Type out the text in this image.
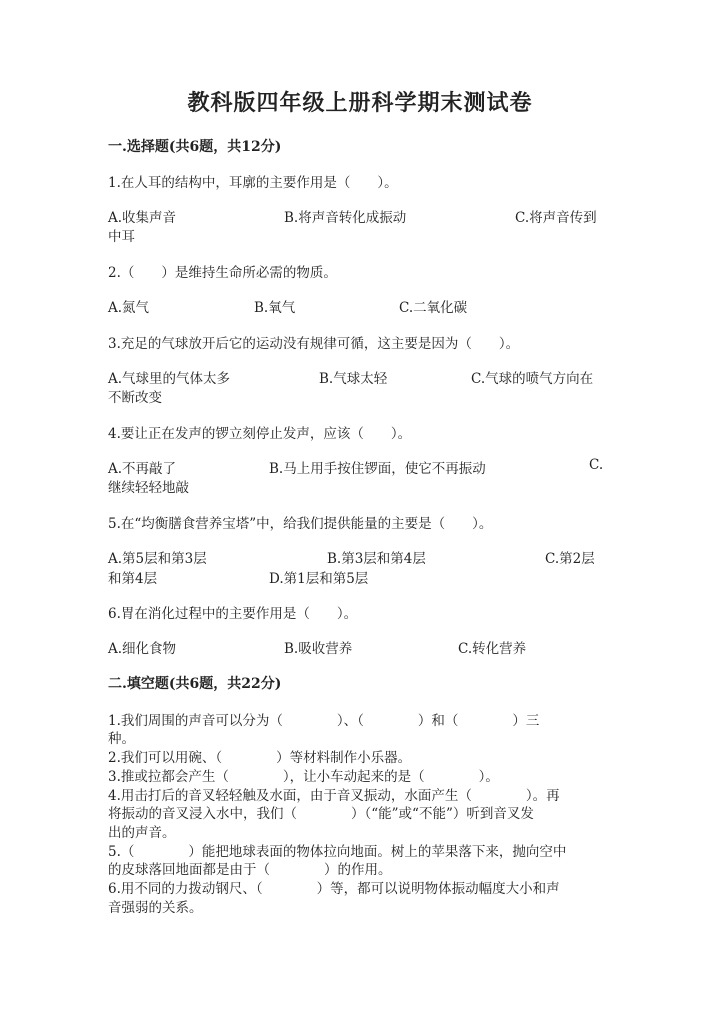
教科版四年级上册科学期末测试卷
一.选择题(共6题，共12分)
1.在人耳的结构中，耳廓的主要作用是（　　）。
A.收集声音	B.将声音转化成振动	C.将声音传到
中耳
2.（　　）是维持生命所必需的物质。
A.氮气	B.氧气	C.二氧化碳
3.充足的气球放开后它的运动没有规律可循，这主要是因为（　　）。
A.气球里的气体太多	B.气球太轻	C.气球的喷气方向在
不断改变
4.要让正在发声的锣立刻停止发声，应该（　　）。
A.不再敲了	B.马上用手按住锣面，使它不再振动	C.
继续轻轻地敲
5.在“均衡膳食营养宝塔”中，给我们提供能量的主要是（　　）。
A.第5层和第3层	B.第3层和第4层	C.第2层
和第4层	D.第1层和第5层
6.胃在消化过程中的主要作用是（　　）。
A.细化食物	B.吸收营养	C.转化营养
二.填空题(共6题，共22分)
1.我们周围的声音可以分为（　　　　）、（　　　　）和（　　　　）三
种。
2.我们可以用碗、（　　　　）等材料制作小乐器。
3.推或拉都会产生（　　　　），让小车动起来的是（　　　　）。
4.用击打后的音叉轻轻触及水面，由于音叉振动，水面产生（　　　　）。再
将振动的音叉浸入水中，我们（　　　　）（“能”或“不能”）听到音叉发
出的声音。
5.（　　　　）能把地球表面的物体拉向地面。树上的苹果落下来，抛向空中
的皮球落回地面都是由于（　　　　）的作用。
6.用不同的力拨动钢尺、（　　　　）等，都可以说明物体振动幅度大小和声
音强弱的关系。
